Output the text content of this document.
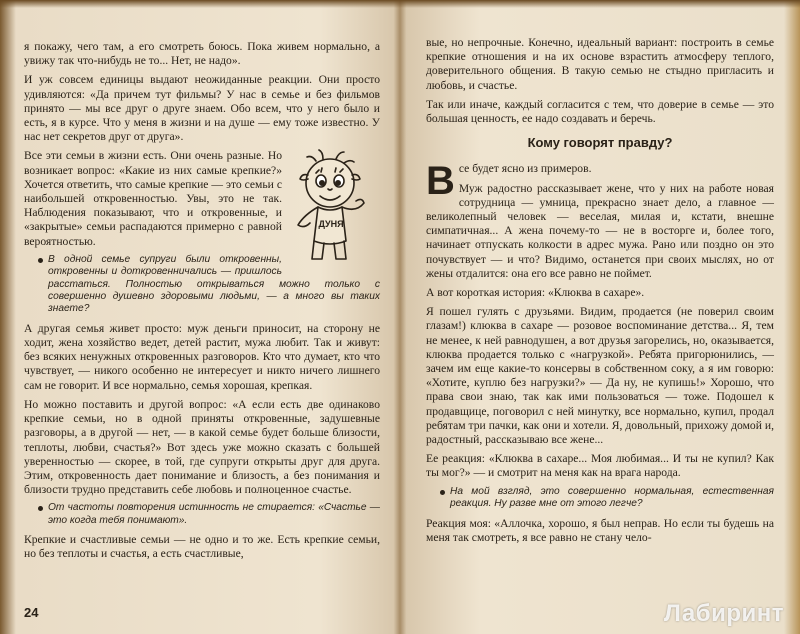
я покажу, чего там, а его смотреть боюсь. Пока живем нормально, а увижу так что-нибудь не то... Нет, не надо».

И уж совсем единицы выдают неожиданные реакции. Они просто удивляются: «Да причем тут фильмы? У нас в семье и без фильмов принято — мы все друг о друге знаем. Обо всем, что у него было и есть, я в курсе. Что у меня в жизни и на душе — ему тоже известно. У нас нет секретов друг от друга».

ДУНЯ

Все эти семьи в жизни есть. Они очень разные. Но возникает вопрос: «Какие из них самые крепкие?» Хочется ответить, что самые крепкие — это семьи с наибольшей откровенностью. Увы, это не так. Наблюдения показывают, что и откровенные, и «закрытые» семьи распадаются примерно с равной вероятностью.

В одной семье супруги были откровенны, откровенны и доткровенничались — пришлось расстаться. Полностью открываться можно только с совершенно душевно здоровыми людьми, — а много вы таких знаете?

А другая семья живет просто: муж деньги приносит, на сторону не ходит, жена хозяйство ведет, детей растит, мужа любит. Так и живут: без всяких ненужных откровенных разговоров. Кто что думает, кто что чувствует, — никого особенно не интересует и никто ничего лишнего сам не говорит. И все нормально, семья хорошая, крепкая.

Но можно поставить и другой вопрос: «А если есть две одинаково крепкие семьи, но в одной приняты откровенные, задушевные разговоры, а в другой — нет, — в какой семье будет больше близости, теплоты, любви, счастья?» Вот здесь уже можно сказать с большей уверенностью — скорее, в той, где супруги открыты друг для друга. Этим, откровенность дает понимание и близость, а без понимания и близости трудно представить себе любовь и полноценное счастье.

От частоты повторения истинность не стирается: «Счастье — это когда тебя понимают».

Крепкие и счастливые семьи — не одно и то же. Есть крепкие семьи, но без теплоты и счастья, а есть счастливые,

24

вые, но непрочные. Конечно, идеальный вариант: построить в семье крепкие отношения и на их основе взрастить атмосферу теплого, доверительного общения. В такую семью не стыдно пригласить и любовь, и счастье.

Так или иначе, каждый согласится с тем, что доверие в семье — это большая ценность, ее надо создавать и беречь.

Кому говорят правду?

Все будет ясно из примеров.

Муж радостно рассказывает жене, что у них на работе новая сотрудница — умница, прекрасно знает дело, а главное — великолепный человек — веселая, милая и, кстати, внешне симпатичная... А жена почему-то — не в восторге и, более того, начинает отпускать колкости в адрес мужа. Рано или поздно он это почувствует — и что? Видимо, останется при своих мыслях, но от жены отдалится: она его все равно не поймет.

А вот короткая история: «Клюква в сахаре».

Я пошел гулять с друзьями. Видим, продается (не поверил своим глазам!) клюква в сахаре — розовое воспоминание детства... Я, тем не менее, к ней равнодушен, а вот друзья загорелись, но, оказывается, клюква продается только с «нагрузкой». Ребята пригорюнились, — зачем им еще какие-то консервы в собственном соку, а я им говорю: «Хотите, куплю без нагрузки?» — Да ну, не купишь!» Хорошо, что права свои знаю, так как ими пользоваться — тоже. Подошел к продавщице, поговорил с ней минутку, все нормально, купил, продал ребятам три пачки, как они и хотели. Я, довольный, прихожу домой и, радостный, рассказываю все жене...

Ее реакция: «Клюква в сахаре... Моя любимая... И ты не купил? Как ты мог?» — и смотрит на меня как на врага народа.

На мой взгляд, это совершенно нормальная, естественная реакция. Ну разве мне от этого легче?

Реакция моя: «Аллочка, хорошо, я был неправ. Но если ты будешь на меня так смотреть, я все равно не стану чело-

Лабиринт
